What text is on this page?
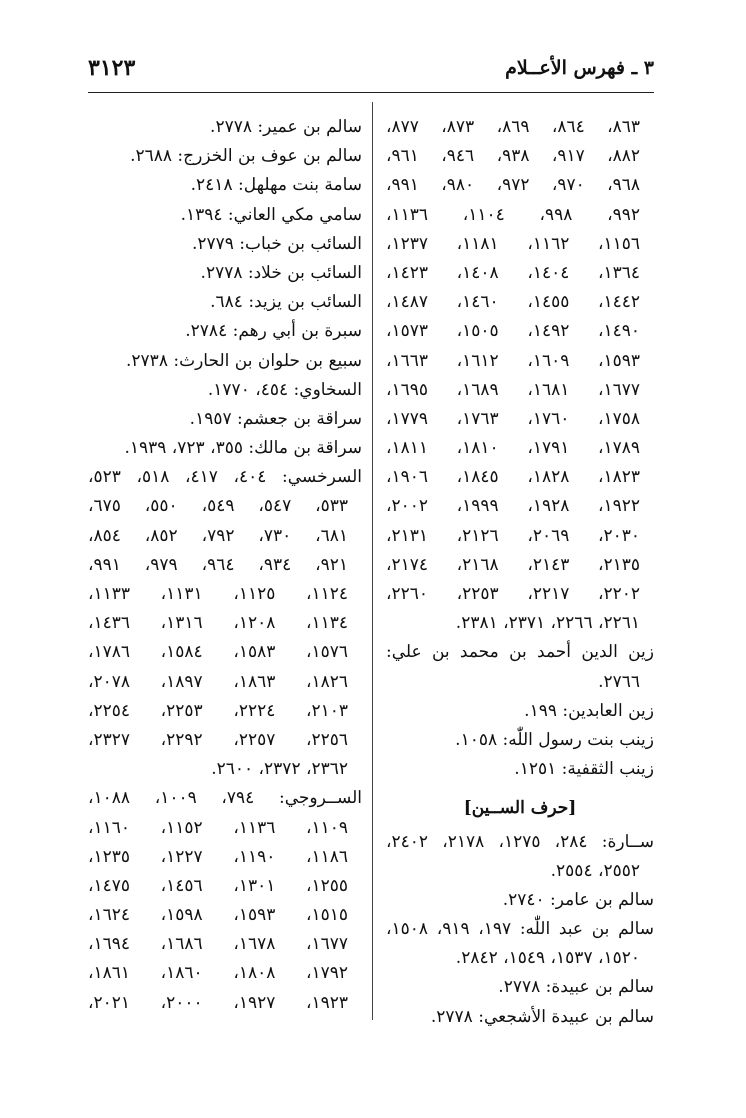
٣ ـ فهرس الأعــلام
٣١٢٣
٨٦٣، ٨٦٤، ٨٦٩، ٨٧٣، ٨٧٧،
٨٨٢، ٩١٧، ٩٣٨، ٩٤٦، ٩٦١،
٩٦٨، ٩٧٠، ٩٧٢، ٩٨٠، ٩٩١،
٩٩٢، ٩٩٨، ١١٠٤، ١١٣٦،
١١٥٦، ١١٦٢، ١١٨١، ١٢٣٧،
١٣٦٤، ١٤٠٤، ١٤٠٨، ١٤٢٣،
١٤٤٢، ١٤٥٥، ١٤٦٠، ١٤٨٧،
١٤٩٠، ١٤٩٢، ١٥٠٥، ١٥٧٣،
١٥٩٣، ١٦٠٩، ١٦١٢، ١٦٦٣،
١٦٧٧، ١٦٨١، ١٦٨٩، ١٦٩٥،
١٧٥٨، ١٧٦٠، ١٧٦٣، ١٧٧٩،
١٧٨٩، ١٧٩١، ١٨١٠، ١٨١١،
١٨٢٣، ١٨٢٨، ١٨٤٥، ١٩٠٦،
١٩٢٢، ١٩٢٨، ١٩٩٩، ٢٠٠٢،
٢٠٣٠، ٢٠٦٩، ٢١٢٦، ٢١٣١،
٢١٣٥، ٢١٤٣، ٢١٦٨، ٢١٧٤،
٢٢٠٢، ٢٢١٧، ٢٢٥٣، ٢٢٦٠،
٢٢٦١، ٢٢٦٦، ٢٣٧١، ٢٣٨١.
زين الدين أحمد بن محمد بن علي:
٢٧٦٦.
زين العابدين: ١٩٩.
زينب بنت رسول اللّٰه: ١٠٥٨.
زينب الثقفية: ١٢٥١.
[حرف الســين]
ســارة: ٢٨٤، ١٢٧٥، ٢١٧٨، ٢٤٠٢،
٢٥٥٢، ٢٥٥٤.
سالم بن عامر: ٢٧٤٠.
سالم بن عبد اللّٰه: ١٩٧، ٩١٩، ١٥٠٨،
١٥٢٠، ١٥٣٧، ١٥٤٩، ٢٨٤٢.
سالم بن عبيدة: ٢٧٧٨.
سالم بن عبيدة الأشجعي: ٢٧٧٨.
سالم بن عمير: ٢٧٧٨.
سالم بن عوف بن الخزرج: ٢٦٨٨.
سامة بنت مهلهل: ٢٤١٨.
سامي مكي العاني: ١٣٩٤.
السائب بن خباب: ٢٧٧٩.
السائب بن خلاد: ٢٧٧٨.
السائب بن يزيد: ٦٨٤.
سبرة بن أبي رهم: ٢٧٨٤.
سبيع بن حلوان بن الحارث: ٢٧٣٨.
السخاوي: ٤٥٤، ١٧٧٠.
سراقة بن جعشم: ١٩٥٧.
سراقة بن مالك: ٣٥٥، ٧٢٣، ١٩٣٩.
السرخسي: ٤٠٤، ٤١٧، ٥١٨، ٥٢٣،
٥٣٣، ٥٤٧، ٥٤٩، ٥٥٠، ٦٧٥،
٦٨١، ٧٣٠، ٧٩٢، ٨٥٢، ٨٥٤،
٩٢١، ٩٣٤، ٩٦٤، ٩٧٩، ٩٩١،
١١٢٤، ١١٢٥، ١١٣١، ١١٣٣،
١١٣٤، ١٢٠٨، ١٣١٦، ١٤٣٦،
١٥٧٦، ١٥٨٣، ١٥٨٤، ١٧٨٦،
١٨٢٦، ١٨٦٣، ١٨٩٧، ٢٠٧٨،
٢١٠٣، ٢٢٢٤، ٢٢٥٣، ٢٢٥٤،
٢٢٥٦، ٢٢٥٧، ٢٢٩٢، ٢٣٢٧،
٢٣٦٢، ٢٣٧٢، ٢٦٠٠.
الســروجي: ٧٩٤، ١٠٠٩، ١٠٨٨،
١١٠٩، ١١٣٦، ١١٥٢، ١١٦٠،
١١٨٦، ١١٩٠، ١٢٢٧، ١٢٣٥،
١٢٥٥، ١٣٠١، ١٤٥٦، ١٤٧٥،
١٥١٥، ١٥٩٣، ١٥٩٨، ١٦٢٤،
١٦٧٧، ١٦٧٨، ١٦٨٦، ١٦٩٤،
١٧٩٢، ١٨٠٨، ١٨٦٠، ١٨٦١،
١٩٢٣، ١٩٢٧، ٢٠٠٠، ٢٠٢١،
